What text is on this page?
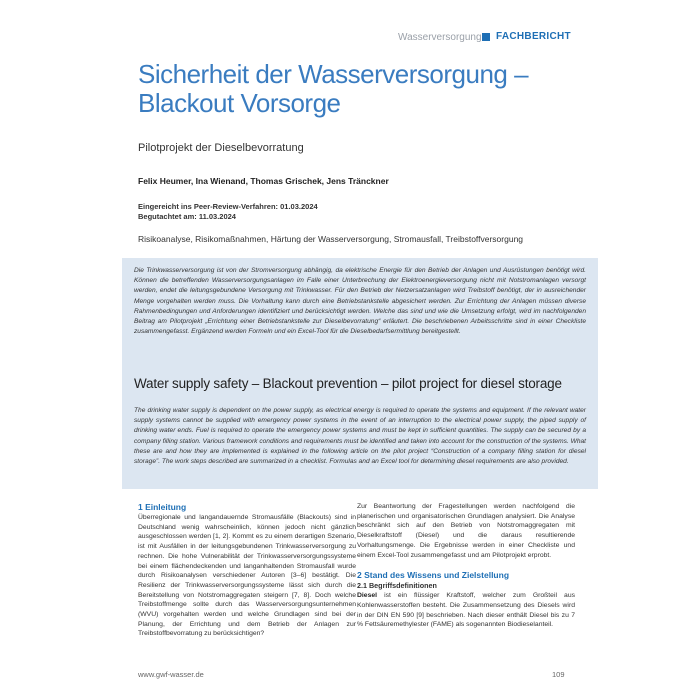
Wasserversorgung FACHBERICHT
Sicherheit der Wasserversorgung –
Blackout Vorsorge
Pilotprojekt der Dieselbevorratung
Felix Heumer, Ina Wienand, Thomas Grischek, Jens Tränckner
Eingereicht ins Peer-Review-Verfahren: 01.03.2024
Begutachtet am: 11.03.2024
Risikoanalyse, Risikomaßnahmen, Härtung der Wasserversorgung, Stromausfall, Treibstoffversorgung

Die Trinkwasserversorgung ist von der Stromversorgung abhängig, da elektrische Energie für den Betrieb der Anlagen und Ausrüstungen benötigt wird. Können die betreffenden Wasserversorgungsanlagen im Falle einer Unterbrechung der Elektroenergieversorgung nicht mit Notstromanlagen versorgt werden, endet die leitungsgebundene Versorgung mit Trinkwasser. Für den Betrieb der Netzersatzanlagen wird Treibstoff benötigt, der in ausreichender Menge vorgehalten werden muss. Die Vorhaltung kann durch eine Betriebstankstelle abgesichert werden. Zur Errichtung der Anlagen müssen diverse Rahmenbedingungen und Anforderungen identifiziert und berücksichtigt werden. Welche das sind und wie die Umsetzung erfolgt, wird im nachfolgenden Beitrag am Pilotprojekt „Errichtung einer Betriebstankstelle zur Dieselbevorratung“ erläutert. Die beschriebenen Arbeitsschritte sind in einer Checkliste zusammengefasst. Ergänzend werden Formeln und ein Excel-Tool für die Dieselbedarfsermittlung bereitgestellt.

Water supply safety – Blackout prevention – pilot project for diesel storage

The drinking water supply is dependent on the power supply, as electrical energy is required to operate the systems and equipment. If the relevant water supply systems cannot be supplied with emergency power systems in the event of an interruption to the electrical power supply, the piped supply of drinking water ends. Fuel is required to operate the emergency power systems and must be kept in sufficient quantities. The supply can be secured by a company filling station. Various framework conditions and requirements must be identified and taken into account for the construction of the systems. What these are and how they are implemented is explained in the following article on the pilot project “Construction of a company filling station for diesel storage”. The work steps described are summarized in a checklist. Formulas and an Excel tool for determining diesel requirements are also provided.

1 Einleitung

Überregionale und langandauernde Stromausfälle (Blackouts) sind in Deutschland wenig wahrscheinlich, können jedoch nicht gänzlich ausgeschlossen werden [1, 2]. Kommt es zu einem derartigen Szenario, ist mit Ausfällen in der leitungsgebundenen Trinkwasserversorgung zu rechnen. Die hohe Vulnerabilität der Trinkwasserversorgungssysteme bei einem flächendeckenden und langanhaltenden Stromausfall wurde durch Risikoanalysen verschiedener Autoren [3–6] bestätigt. Die Resilienz der Trinkwasserversorgungssysteme lässt sich durch die Bereitstellung von Notstromaggregaten steigern [7, 8]. Doch welche Treibstoffmenge sollte durch das Wasserversorgungsunternehmen (WVU) vorgehalten werden und welche Grundlagen sind bei der Planung, der Errichtung und dem Betrieb der Anlagen zur Treibstoffbevorratung zu berücksichtigen?

Zur Beantwortung der Fragestellungen werden nachfolgend die planerischen und organisatorischen Grundlagen analysiert. Die Analyse beschränkt sich auf den Betrieb von Notstromaggregaten mit Dieselkraftstoff (Diesel) und die daraus resultierende Vorhaltungsmenge. Die Ergebnisse werden in einer Checkliste und einem Excel-Tool zusammengefasst und am Pilotprojekt erprobt.

2 Stand des Wissens und Zielstellung
2.1 Begriffsdefinitionen

Diesel ist ein flüssiger Kraftstoff, welcher zum Großteil aus Kohlenwasserstoffen besteht. Die Zusammensetzung des Diesels wird in der DIN EN 590 [9] beschrieben. Nach dieser enthält Diesel bis zu 7 % Fettsäuremethylester (FAME) als sogenannten Biodieselanteil.

www.gwf-wasser.de	109
